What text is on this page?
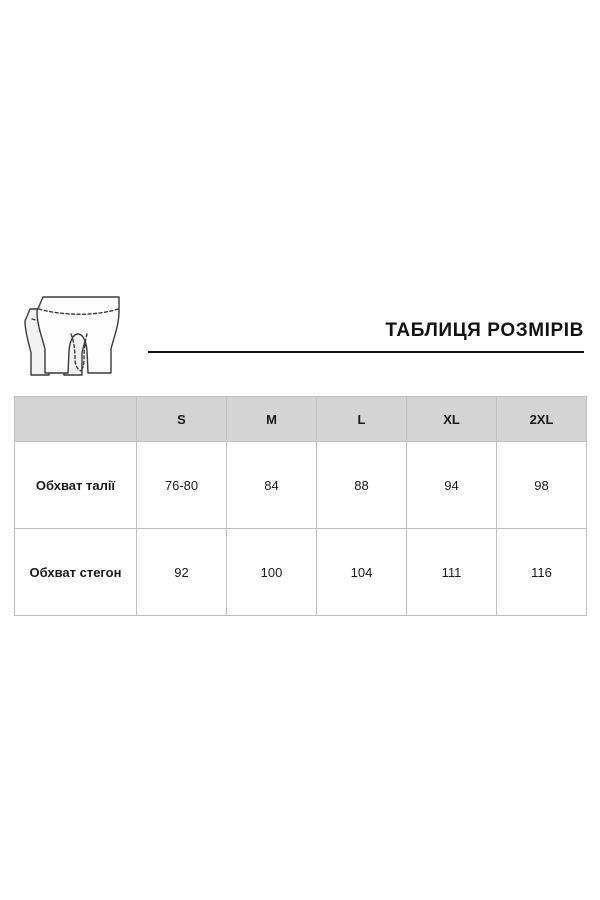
ТАБЛИЦЯ РОЗМІРІВ
	S	M	L	XL	2XL
Обхват талії	76-80	84	88	94	98
Обхват стегон	92	100	104	111	116
